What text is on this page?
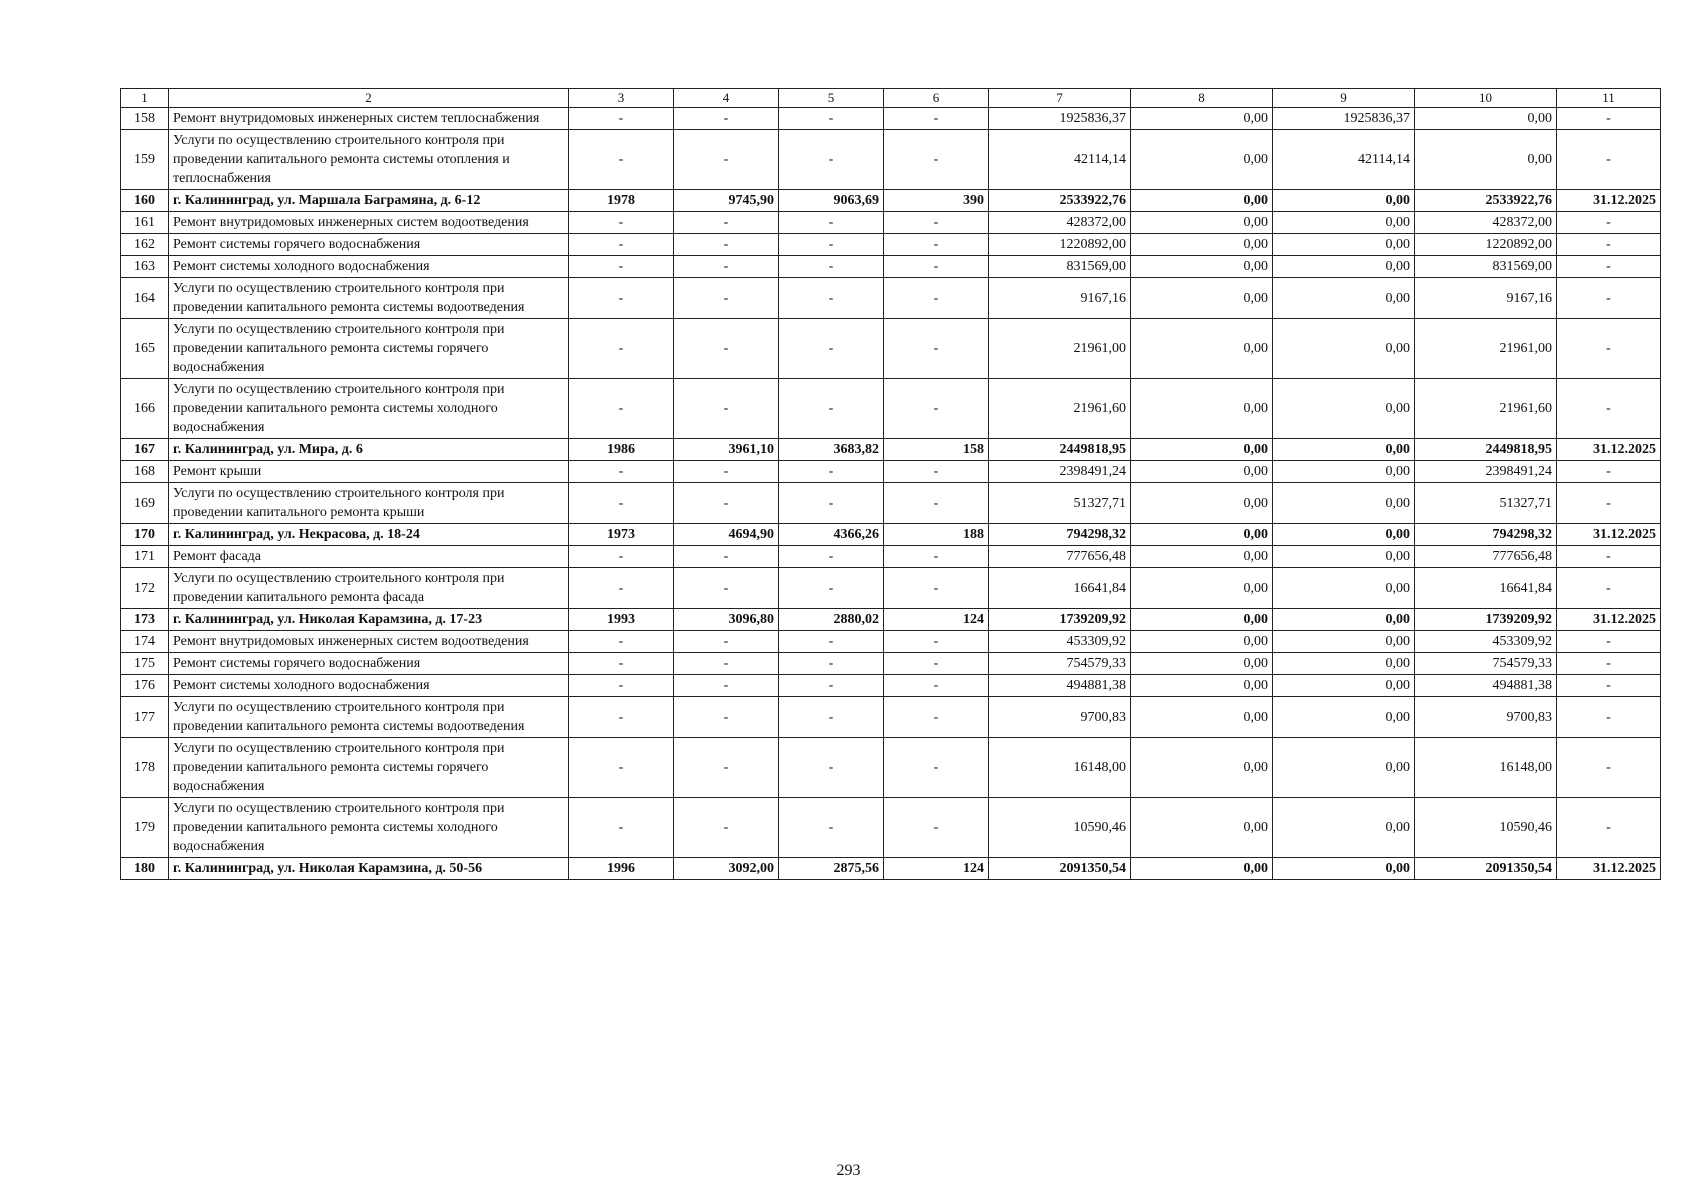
1	2	3	4	5	6	7	8	9	10	11
158	Ремонт внутридомовых инженерных систем теплоснабжения	-	-	-	-	1925836,37	0,00	1925836,37	0,00	-
159	Услуги по осуществлению строительного контроля при проведении капитального ремонта системы отопления и теплоснабжения	-	-	-	-	42114,14	0,00	42114,14	0,00	-
160	г. Калининград, ул. Маршала Баграмяна, д. 6-12	1978	9745,90	9063,69	390	2533922,76	0,00	0,00	2533922,76	31.12.2025
161	Ремонт внутридомовых инженерных систем водоотведения	-	-	-	-	428372,00	0,00	0,00	428372,00	-
162	Ремонт системы горячего водоснабжения	-	-	-	-	1220892,00	0,00	0,00	1220892,00	-
163	Ремонт системы холодного водоснабжения	-	-	-	-	831569,00	0,00	0,00	831569,00	-
164	Услуги по осуществлению строительного контроля при проведении капитального ремонта системы водоотведения	-	-	-	-	9167,16	0,00	0,00	9167,16	-
165	Услуги по осуществлению строительного контроля при проведении капитального ремонта системы горячего водоснабжения	-	-	-	-	21961,00	0,00	0,00	21961,00	-
166	Услуги по осуществлению строительного контроля при проведении капитального ремонта системы холодного водоснабжения	-	-	-	-	21961,60	0,00	0,00	21961,60	-
167	г. Калининград, ул. Мира, д. 6	1986	3961,10	3683,82	158	2449818,95	0,00	0,00	2449818,95	31.12.2025
168	Ремонт крыши	-	-	-	-	2398491,24	0,00	0,00	2398491,24	-
169	Услуги по осуществлению строительного контроля при проведении капитального ремонта крыши	-	-	-	-	51327,71	0,00	0,00	51327,71	-
170	г. Калининград, ул. Некрасова, д. 18-24	1973	4694,90	4366,26	188	794298,32	0,00	0,00	794298,32	31.12.2025
171	Ремонт фасада	-	-	-	-	777656,48	0,00	0,00	777656,48	-
172	Услуги по осуществлению строительного контроля при проведении капитального ремонта фасада	-	-	-	-	16641,84	0,00	0,00	16641,84	-
173	г. Калининград, ул. Николая Карамзина, д. 17-23	1993	3096,80	2880,02	124	1739209,92	0,00	0,00	1739209,92	31.12.2025
174	Ремонт внутридомовых инженерных систем водоотведения	-	-	-	-	453309,92	0,00	0,00	453309,92	-
175	Ремонт системы горячего водоснабжения	-	-	-	-	754579,33	0,00	0,00	754579,33	-
176	Ремонт системы холодного водоснабжения	-	-	-	-	494881,38	0,00	0,00	494881,38	-
177	Услуги по осуществлению строительного контроля при проведении капитального ремонта системы водоотведения	-	-	-	-	9700,83	0,00	0,00	9700,83	-
178	Услуги по осуществлению строительного контроля при проведении капитального ремонта системы горячего водоснабжения	-	-	-	-	16148,00	0,00	0,00	16148,00	-
179	Услуги по осуществлению строительного контроля при проведении капитального ремонта системы холодного водоснабжения	-	-	-	-	10590,46	0,00	0,00	10590,46	-
180	г. Калининград, ул. Николая Карамзина, д. 50-56	1996	3092,00	2875,56	124	2091350,54	0,00	0,00	2091350,54	31.12.2025
293
